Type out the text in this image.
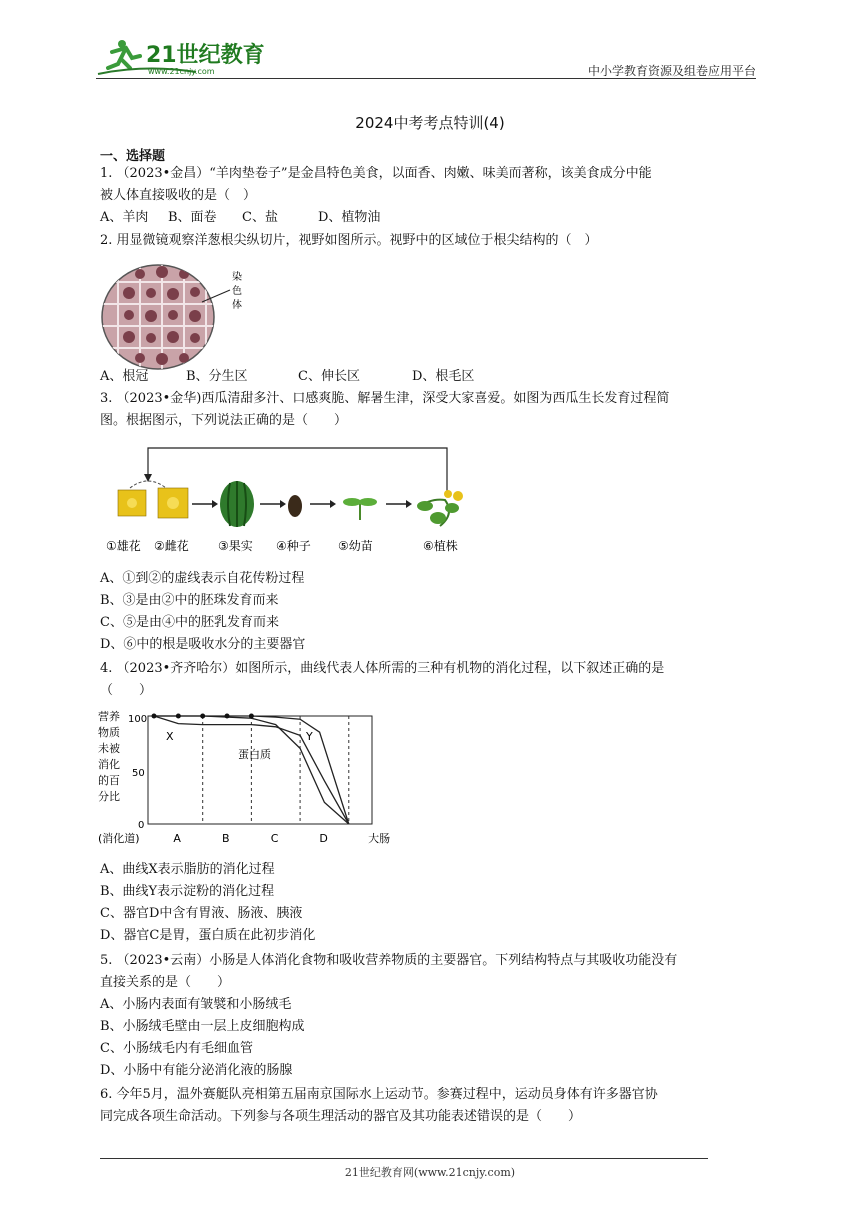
21世纪教育
www.21cnjy.com	中小学教育资源及组卷应用平台
2024中考考点特训(4)
一、选择题
1. （2023•金昌）“羊肉垫卷子”是金昌特色美食，以面香、肉嫩、味美而著称，该美食成分中能
被人体直接吸收的是（　）
A、羊肉 B、面卷 C、盐	D、植物油
2. 用显微镜观察洋葱根尖纵切片，视野如图所示。视野中的区域位于根尖结构的（　）
染
色
体
A、根冠	B、分生区	C、伸长区	D、根毛区
3. （2023•金华)西瓜清甜多汁、口感爽脆、解暑生津，深受大家喜爱。如图为西瓜生长发育过程简
图。根据图示，下列说法正确的是（　　）
①雄花 ②雌花 ③果实 ④种子 ⑤幼苗	⑥植株
A、①到②的虚线表示自花传粉过程
B、③是由②中的胚珠发育而来
C、⑤是由④中的胚乳发育而来
D、⑥中的根是吸收水分的主要器官
4. （2023•齐齐哈尔）如图所示，曲线代表人体所需的三种有机物的消化过程，以下叙述正确的是
（　　）
营养
物质
未被
消化
的百
分比
100
50
0
A	B	C	D	大肠
(消化道)
X	Y
蛋白质
A、曲线X表示脂肪的消化过程
B、曲线Y表示淀粉的消化过程
C、器官D中含有胃液、肠液、胰液
D、器官C是胃，蛋白质在此初步消化
5. （2023•云南）小肠是人体消化食物和吸收营养物质的主要器官。下列结构特点与其吸收功能没有
直接关系的是（　　）
A、小肠内表面有皱襞和小肠绒毛
B、小肠绒毛壁由一层上皮细胞构成
C、小肠绒毛内有毛细血管
D、小肠中有能分泌消化液的肠腺
6. 今年5月，温外赛艇队亮相第五届南京国际水上运动节。参赛过程中，运动员身体有许多器官协
同完成各项生命活动。下列参与各项生理活动的器官及其功能表述错误的是（　　）
21世纪教育网(www.21cnjy.com)
